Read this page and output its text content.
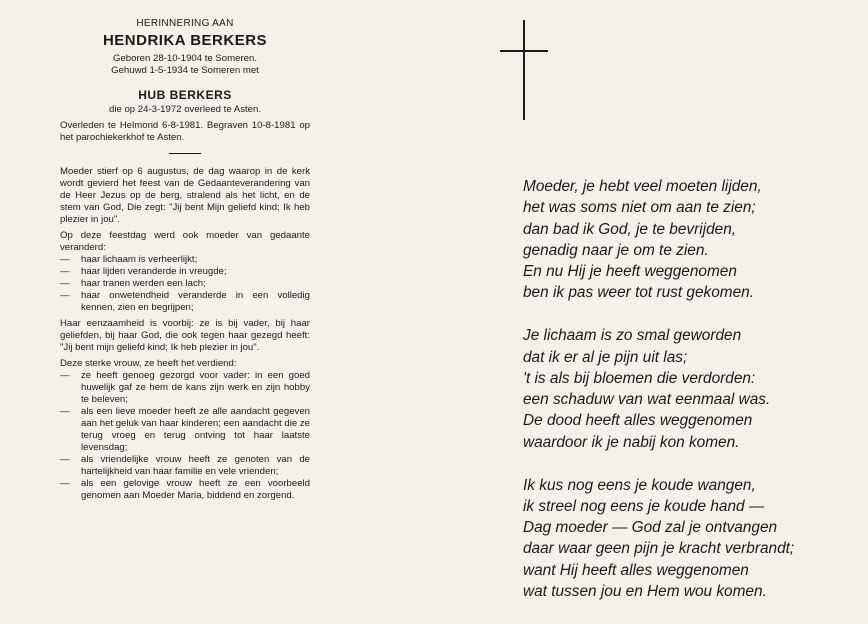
HERINNERING AAN
HENDRIKA BERKERS
Geboren 28-10-1904 te Someren.
Gehuwd 1-5-1934 te Someren met
HUB BERKERS
die op 24-3-1972 overleed te Asten.
Overleden te Helmond 6-8-1981. Begraven 10-8-1981 op het parochiekerkhof te Asten.
Moeder stierf op 6 augustus, de dag waarop in de kerk wordt gevierd het feest van de Gedaanteverandering van de Heer Jezus op de berg, stralend als het licht, en de stem van God, Die zegt: "Jij bent Mijn geliefd kind; Ik heb plezier in jou".
Op deze feestdag werd ook moeder van gedaante veranderd:
— haar lichaam is verheerlijkt;
— haar lijden veranderde in vreugde;
— haar tranen werden een lach;
— haar onwetendheid veranderde in een volledig kennen, zien en begrijpen;
Haar eenzaamheid is voorbij: ze is bij vader, bij haar geliefden, bij haar God, die ook tegen haar gezegd heeft: "Jij bent mijn geliefd kind; Ik heb plezier in jou".
Deze sterke vrouw, ze heeft het verdiend:
— ze heeft genoeg gezorgd voor vader: in een goed huwelijk gaf ze hem de kans zijn werk en zijn hobby te beleven;
— als een lieve moeder heeft ze alle aandacht gegeven aan het geluk van haar kinderen; een aandacht die ze terug vroeg en terug ontving tot haar laatste levensdag;
— als vriendelijke vrouw heeft ze genoten van de hartelijkheid van haar familie en vele vrienden;
— als een gelovige vrouw heeft ze een voorbeeld genomen aan Moeder Maria, biddend en zorgend.
Moeder, je hebt veel moeten lijden,
het was soms niet om aan te zien;
dan bad ik God, je te bevrijden,
genadig naar je om te zien.
En nu Hij je heeft weggenomen
ben ik pas weer tot rust gekomen.
Je lichaam is zo smal geworden
dat ik er al je pijn uit las;
't is als bij bloemen die verdorden:
een schaduw van wat eenmaal was.
De dood heeft alles weggenomen
waardoor ik je nabij kon komen.
Ik kus nog eens je koude wangen,
ik streel nog eens je koude hand —
Dag moeder — God zal je ontvangen
daar waar geen pijn je kracht verbrandt;
want Hij heeft alles weggenomen
wat tussen jou en Hem wou komen.
